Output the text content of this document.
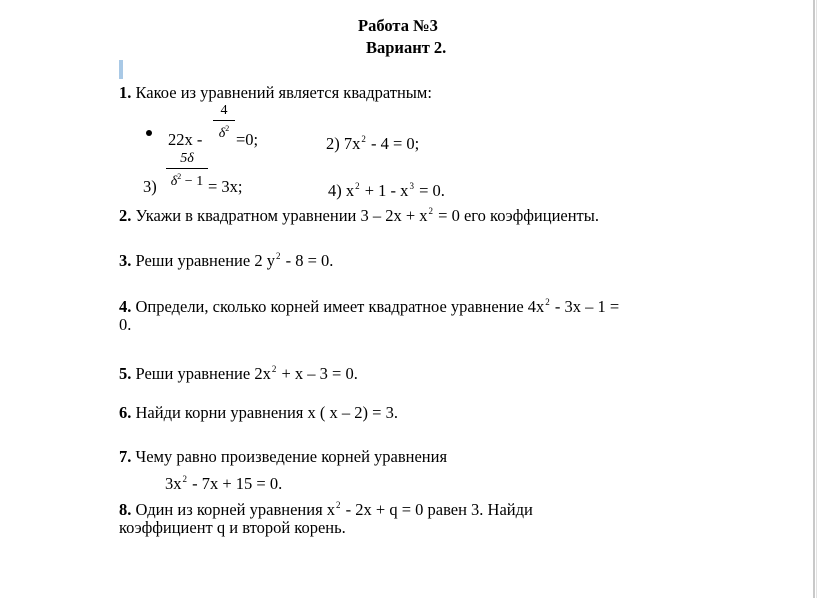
Работа №3
Вариант 2.
1. Какое из уравнений является квадратным:
22x -
4
$\delta^2$
=0;	2) $7x^2 - 4 = 0$;
3)
5δ
$\delta^2 - 1 = 3x$;	4) $x^2 + 1 - x^3 = 0$.
2. Укажи в квадратном уравнении $3 - 2x + x^2 = 0$ его коэффициенты.
3. Реши уравнение 2 $y^2 - 8 = 0$.
4. Определи, сколько корней имеет квадратное уравнение $4x^2 - 3x - 1$ =
0.
5. Реши уравнение $2x^2 + x - 3 = 0$.
6. Найди корни уравнения x ( x – 2) = 3.
7. Чему равно произведение корней уравнения
$3x^2 - 7x + 15 = 0$.
8. Один из корней уравнения $x^2 - 2x + q = 0$ равен 3. Найди
коэффициент q и второй корень.
